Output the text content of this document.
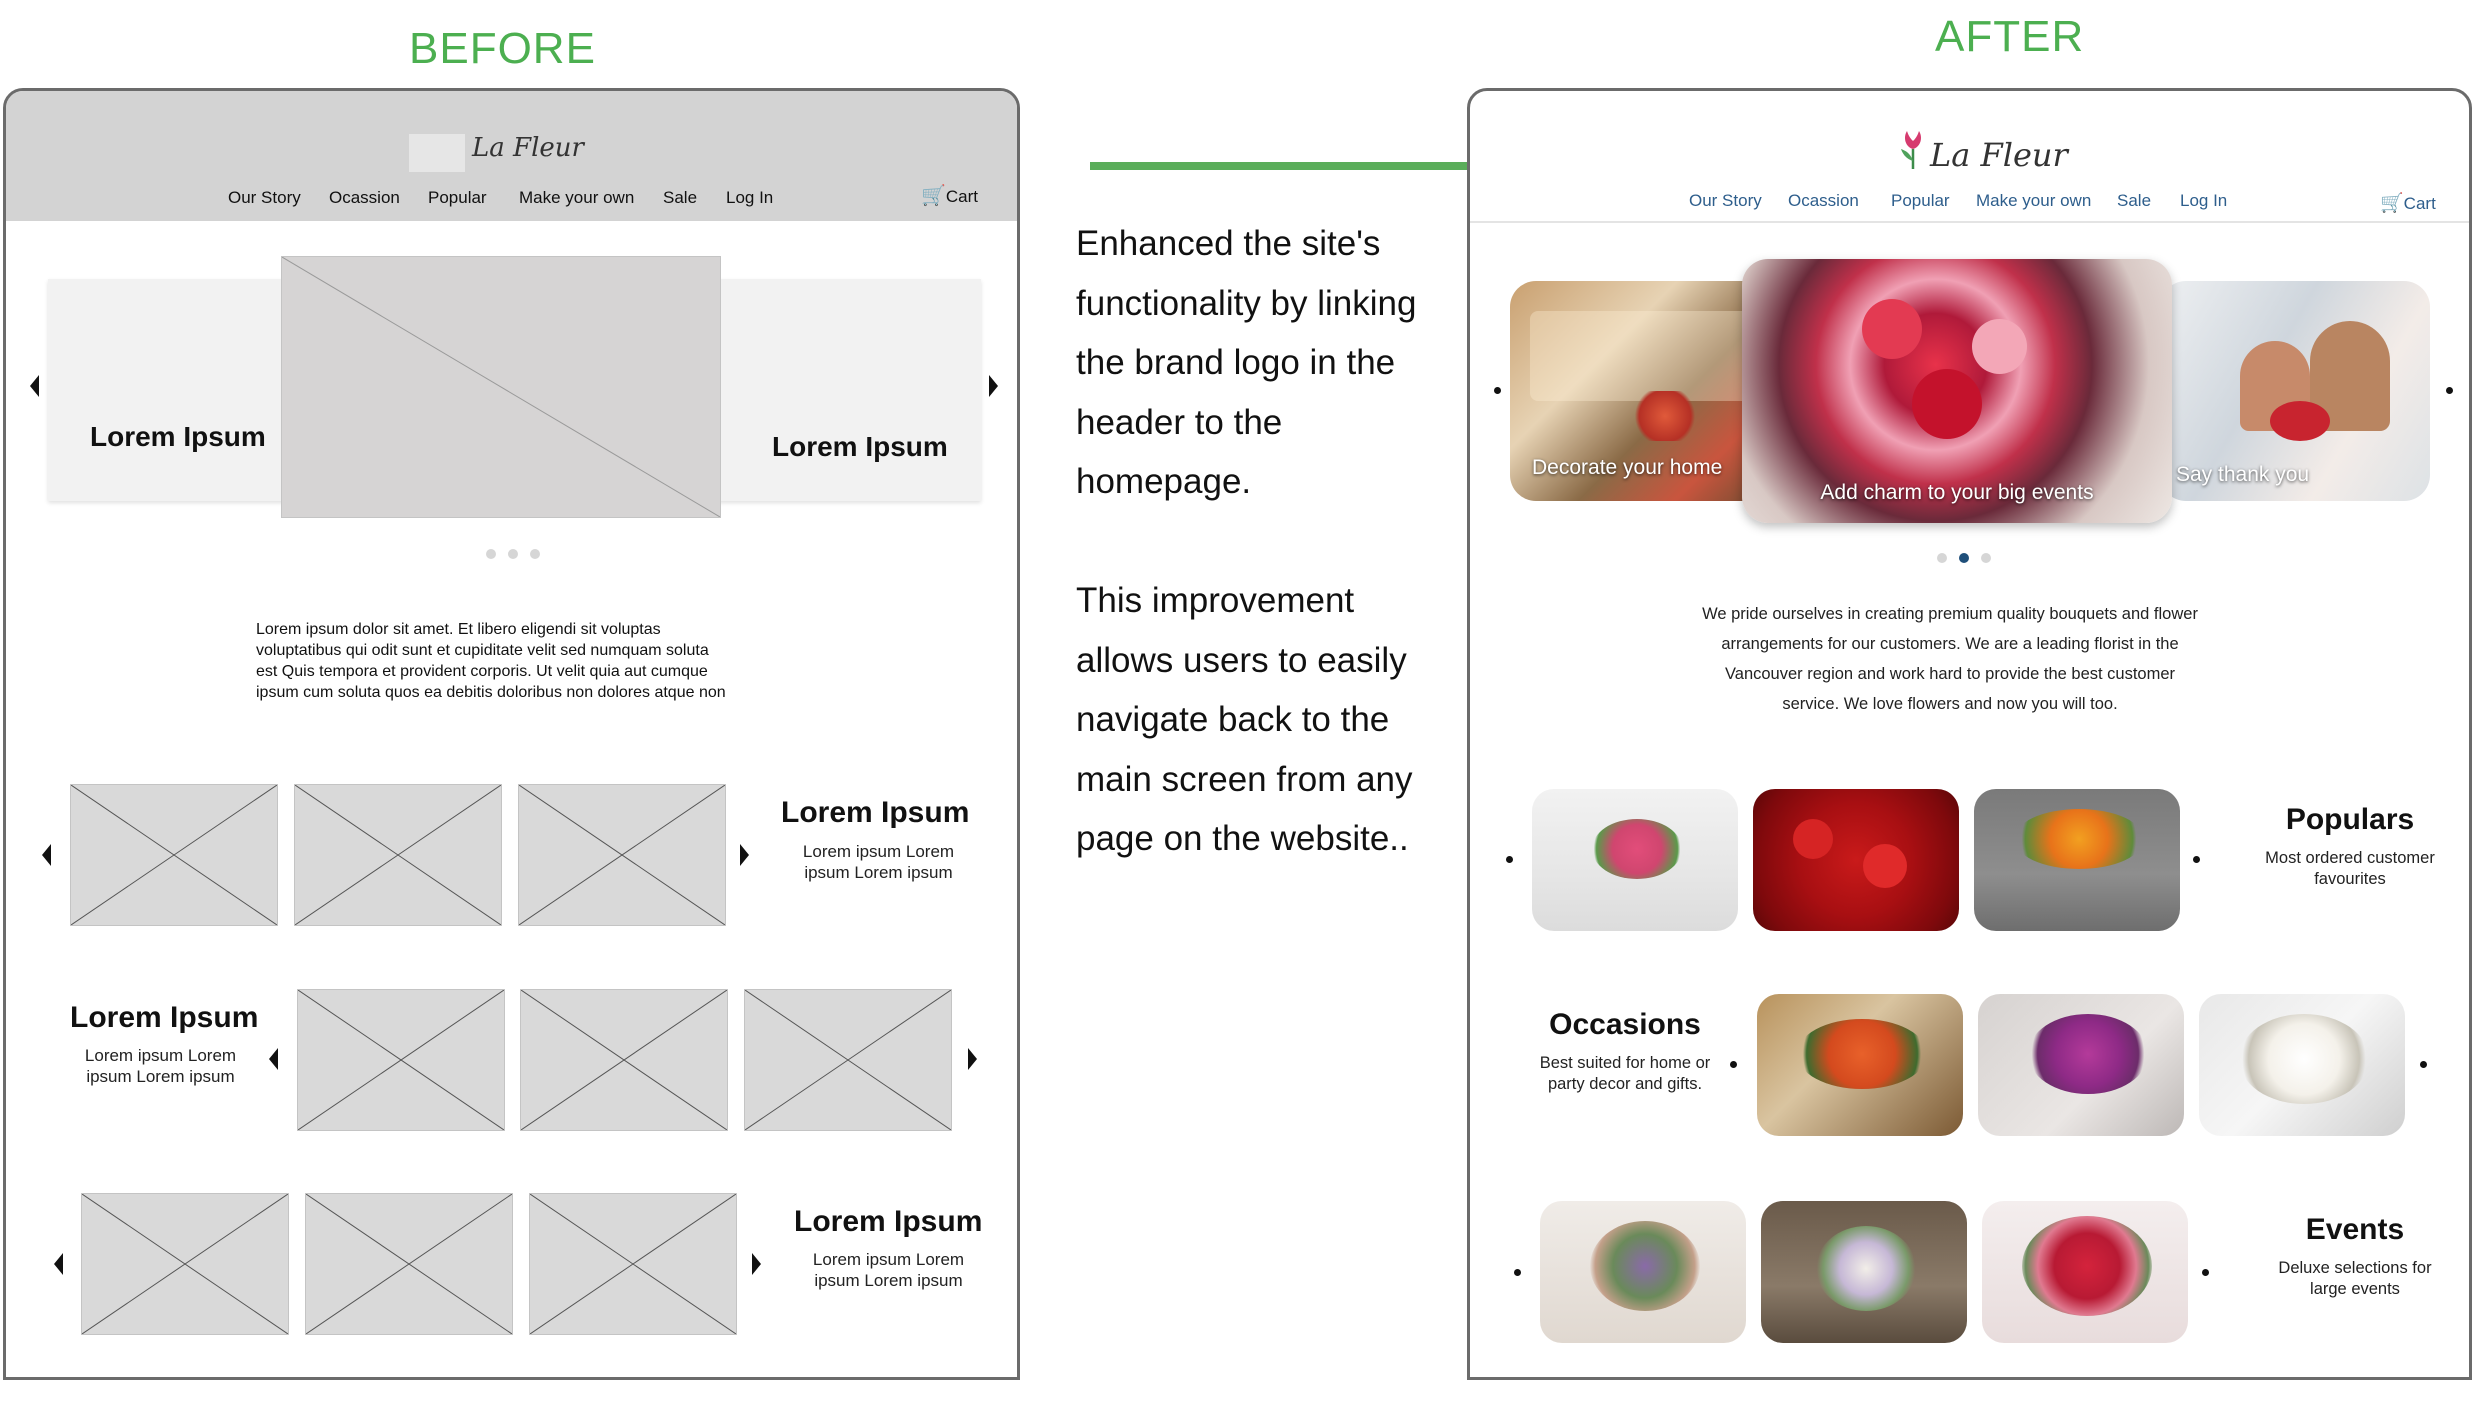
BEFORE	AFTER
La Fleur
Our Story Ocassion Popular Make your own Sale Log In	🛒Cart
Lorem Ipsum	Lorem Ipsum
Lorem ipsum dolor sit amet. Et libero eligendi sit voluptas
voluptatibus qui odit sunt et cupiditate velit sed numquam soluta
est Quis tempora et provident corporis. Ut velit quia aut cumque
ipsum cum soluta quos ea debitis doloribus non dolores atque non
Lorem Ipsum
Lorem ipsum Lorem
ipsum Lorem ipsum
Lorem Ipsum
Lorem ipsum Lorem
ipsum Lorem ipsum
Lorem Ipsum
Lorem ipsum Lorem
ipsum Lorem ipsum
Enhanced the site's
functionality by linking
the brand logo in the
header to the
homepage.
This improvement
allows users to easily
navigate back to the
main screen from any
page on the website..
La Fleur
Our Story Ocassion Popular Make your own Sale Log In	🛒Cart
Decorate your home	Say thank you
Add charm to your big events
We pride ourselves in creating premium quality bouquets and flower
arrangements for our customers. We are a leading florist in the
Vancouver region and work hard to provide the best customer
service. We love flowers and now you will too.
Populars
Most ordered customer
favourites
Occasions
Best suited for home or
party decor and gifts.
Events
Deluxe selections for
large events
